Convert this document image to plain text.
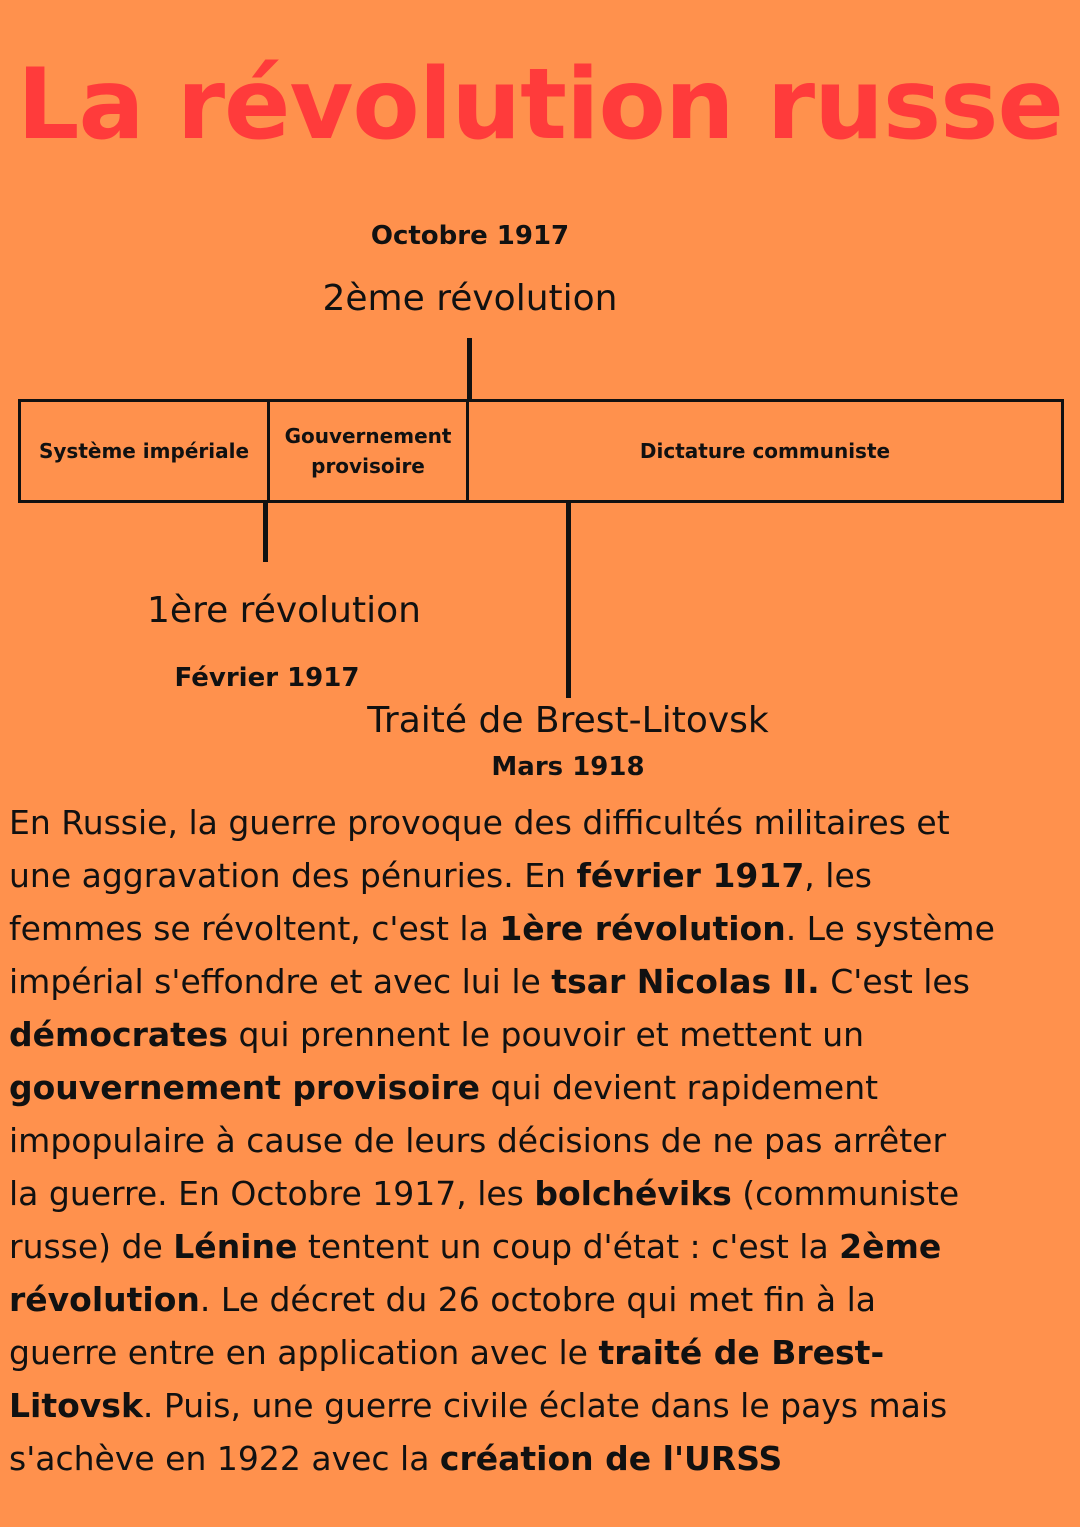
La révolution russe
Octobre 1917
2ème révolution
Système impériale
Gouvernement provisoire
Dictature communiste
1ère révolution
Février 1917
Traité de Brest-Litovsk
Mars 1918
En Russie, la guerre provoque des difficultés militaires et
une aggravation des pénuries. En février 1917, les
femmes se révoltent, c'est la 1ère révolution. Le système
impérial s'effondre et avec lui le tsar Nicolas II. C'est les
démocrates qui prennent le pouvoir et mettent un
gouvernement provisoire qui devient rapidement
impopulaire à cause de leurs décisions de ne pas arrêter
la guerre. En Octobre 1917, les bolchéviks (communiste
russe) de Lénine tentent un coup d'état : c'est la 2ème
révolution. Le décret du 26 octobre qui met fin à la
guerre entre en application avec le traité de Brest-
Litovsk. Puis, une guerre civile éclate dans le pays mais
s'achève en 1922 avec la création de l'URSS
